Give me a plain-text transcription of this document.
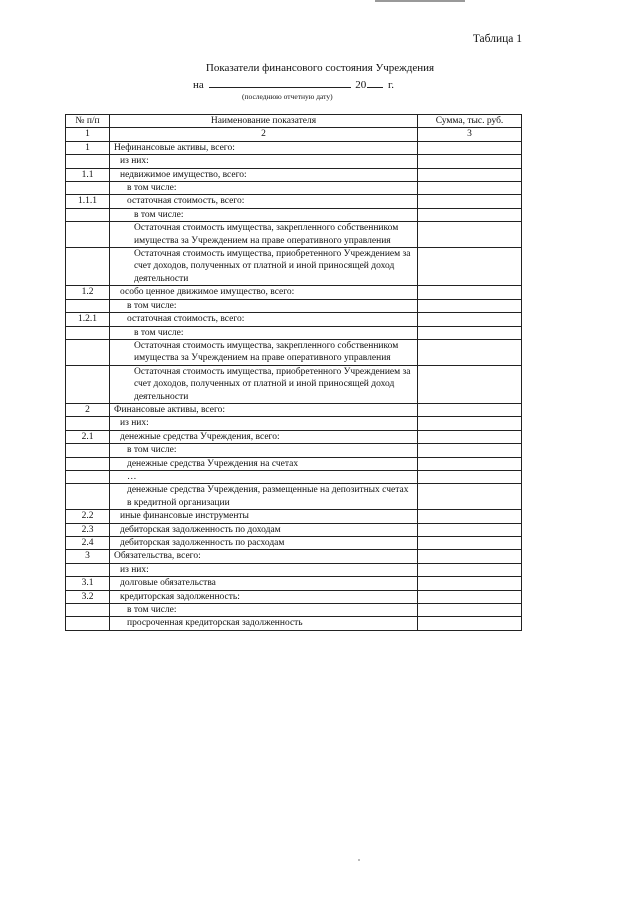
Таблица 1
Показатели финансового состояния Учреждения
на	20 г.
(последнюю отчетную дату)
№ п/п	Наименование показателя	Сумма, тыс. руб.
1	2	3
1	Нефинансовые активы, всего:	
	из них:	
1.1	недвижимое имущество, всего:	
	в том числе:	
1.1.1	остаточная стоимость, всего:	
	в том числе:	
	Остаточная стоимость имущества, закрепленного собственником имущества за Учреждением на праве оперативного управления	
	Остаточная стоимость имущества, приобретенного Учреждением за счет доходов, полученных от платной и иной приносящей доход деятельности	
1.2	особо ценное движимое имущество, всего:	
	в том числе:	
1.2.1	остаточная стоимость, всего:	
	в том числе:	
	Остаточная стоимость имущества, закрепленного собственником имущества за Учреждением на праве оперативного управления	
	Остаточная стоимость имущества, приобретенного Учреждением за счет доходов, полученных от платной и иной приносящей доход деятельности	
2	Финансовые активы, всего:	
	из них:	
2.1	денежные средства Учреждения, всего:	
	в том числе:	
	денежные средства Учреждения на счетах	
	…	
	денежные средства Учреждения, размещенные на депозитных счетах в кредитной организации	
2.2	иные финансовые инструменты	
2.3	дебиторская задолженность по доходам	
2.4	дебиторская задолженность по расходам	
3	Обязательства, всего:	
	из них:	
3.1	долговые обязательства	
3.2	кредиторская задолженность:	
	в том числе:	
	просроченная кредиторская задолженность	
